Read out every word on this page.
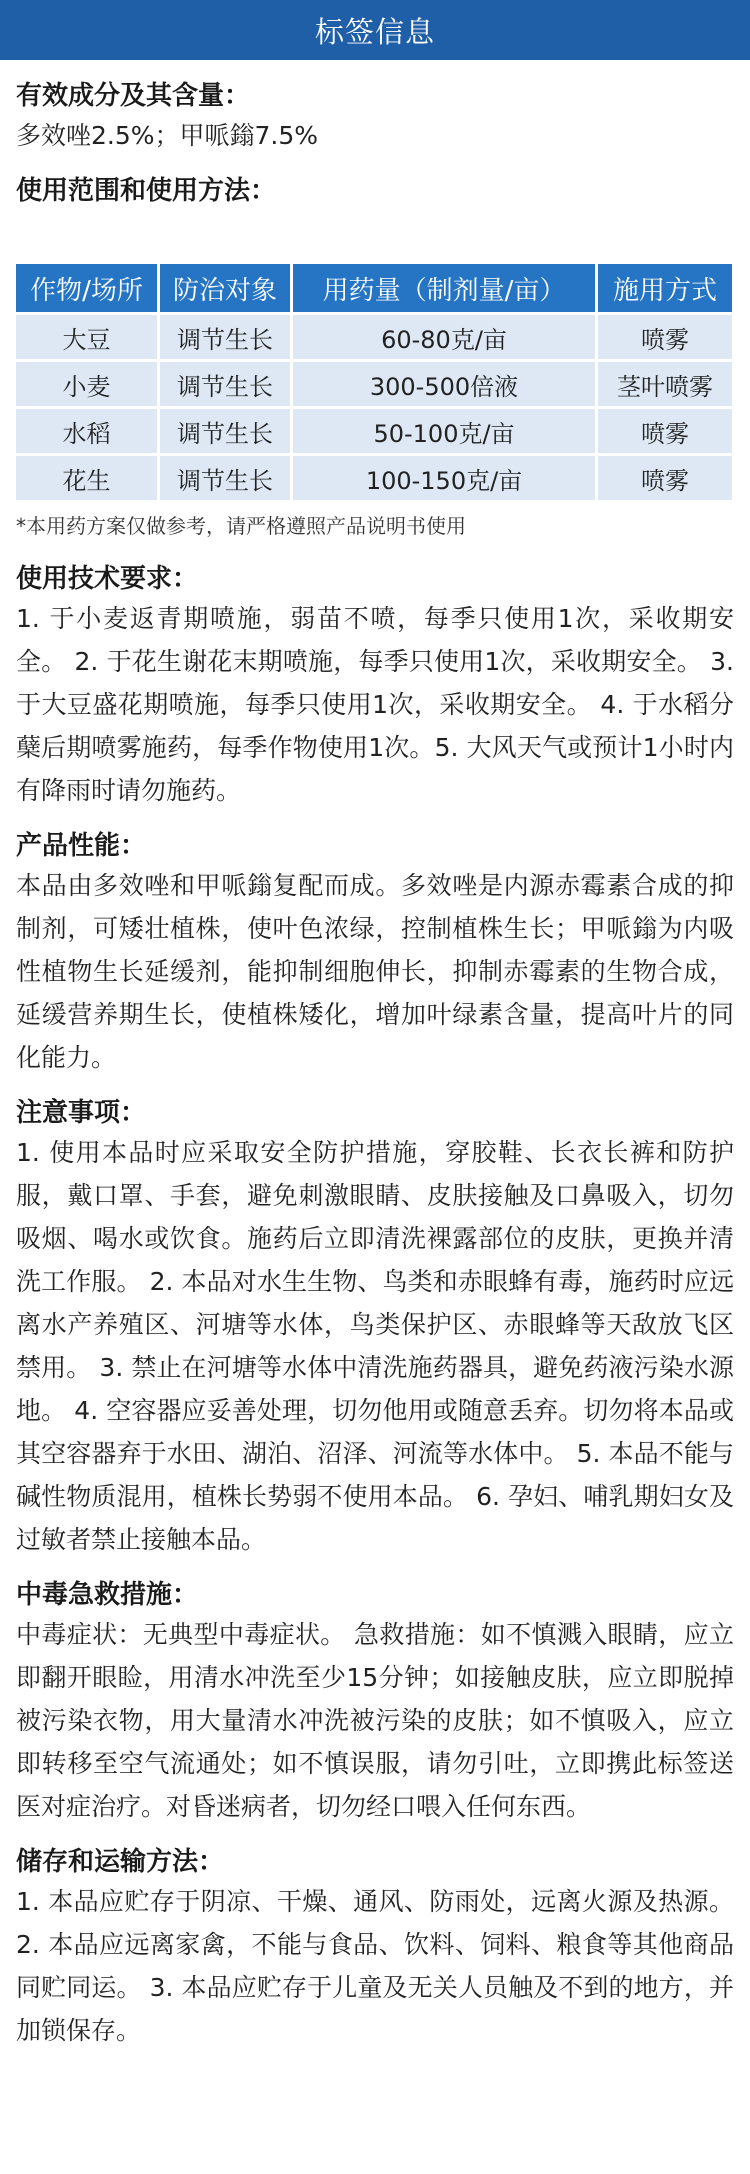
标签信息

有效成分及其含量：

多效唑2.5%；甲哌鎓7.5%

使用范围和使用方法：

作物/场所	防治对象	用药量（制剂量/亩）	施用方式
大豆	调节生长	60-80克/亩	喷雾
小麦	调节生长	300-500倍液	茎叶喷雾
水稻	调节生长	50-100克/亩	喷雾
花生	调节生长	100-150克/亩	喷雾

*本用药方案仅做参考，请严格遵照产品说明书使用

使用技术要求：

1. 于小麦返青期喷施，弱苗不喷，每季只使用1次，采收期安全。 2. 于花生谢花末期喷施，每季只使用1次，采收期安全。 3. 于大豆盛花期喷施，每季只使用1次，采收期安全。 4. 于水稻分蘖后期喷雾施药，每季作物使用1次。5. 大风天气或预计1小时内有降雨时请勿施药。

产品性能：

本品由多效唑和甲哌鎓复配而成。多效唑是内源赤霉素合成的抑制剂，可矮壮植株，使叶色浓绿，控制植株生长；甲哌鎓为内吸性植物生长延缓剂，能抑制细胞伸长，抑制赤霉素的生物合成，延缓营养期生长，使植株矮化，增加叶绿素含量，提高叶片的同化能力。

注意事项：

1. 使用本品时应采取安全防护措施，穿胶鞋、长衣长裤和防护服，戴口罩、手套，避免刺激眼睛、皮肤接触及口鼻吸入，切勿吸烟、喝水或饮食。施药后立即清洗裸露部位的皮肤，更换并清洗工作服。 2. 本品对水生生物、鸟类和赤眼蜂有毒，施药时应远离水产养殖区、河塘等水体，鸟类保护区、赤眼蜂等天敌放飞区禁用。 3. 禁止在河塘等水体中清洗施药器具，避免药液污染水源地。 4. 空容器应妥善处理，切勿他用或随意丢弃。切勿将本品或其空容器弃于水田、湖泊、沼泽、河流等水体中。 5. 本品不能与碱性物质混用，植株长势弱不使用本品。 6. 孕妇、哺乳期妇女及过敏者禁止接触本品。

中毒急救措施：

中毒症状：无典型中毒症状。 急救措施：如不慎溅入眼睛，应立即翻开眼睑，用清水冲洗至少15分钟；如接触皮肤，应立即脱掉被污染衣物，用大量清水冲洗被污染的皮肤；如不慎吸入，应立即转移至空气流通处；如不慎误服，请勿引吐，立即携此标签送医对症治疗。对昏迷病者，切勿经口喂入任何东西。

储存和运输方法：

1. 本品应贮存于阴凉、干燥、通风、防雨处，远离火源及热源。 2. 本品应远离家禽，不能与食品、饮料、饲料、粮食等其他商品同贮同运。 3. 本品应贮存于儿童及无关人员触及不到的地方，并加锁保存。
